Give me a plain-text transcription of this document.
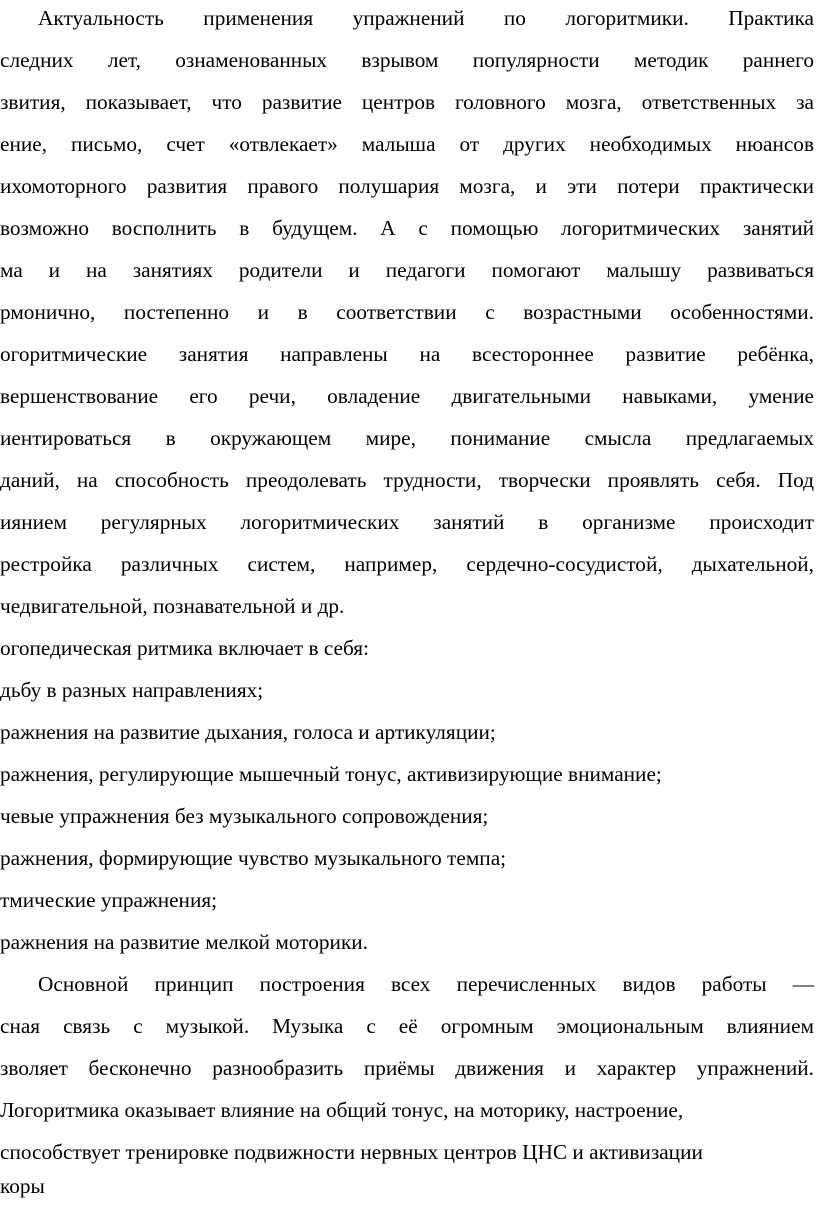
Актуальность применения упражнений по логоритмики. Практика
следних лет, ознаменованных взрывом популярности методик раннего
звития, показывает, что развитие центров головного мозга, ответственных за
ение, письмо, счет «отвлекает» малыша от других необходимых нюансов
ихомоторного развития правого полушария мозга, и эти потери практически
возможно восполнить в будущем. А с помощью логоритмических занятий
ма и на занятиях родители и педагоги помогают малышу развиваться
рмонично, постепенно и в соответствии с возрастными особенностями.
огоритмические занятия направлены на всестороннее развитие ребёнка,
вершенствование его речи, овладение двигательными навыками, умение
иентироваться в окружающем мире, понимание смысла предлагаемых
даний, на способность преодолевать трудности, творчески проявлять себя. Под
иянием регулярных логоритмических занятий в организме происходит
рестройка различных систем, например, сердечно-сосудистой, дыхательной,
чедвигательной, познавательной и др.
огопедическая ритмика включает в себя:
дьбу в разных направлениях;
ражнения на развитие дыхания, голоса и артикуляции;
ражнения, регулирующие мышечный тонус, активизирующие внимание;
чевые упражнения без музыкального сопровождения;
ражнения, формирующие чувство музыкального темпа;
тмические упражнения;
ражнения на развитие мелкой моторики.
Основной принцип построения всех перечисленных видов работы —
сная связь с музыкой. Музыка с её огромным эмоциональным влиянием
зволяет бесконечно разнообразить приёмы движения и характер упражнений.
Логоритмика оказывает влияние на общий тонус, на моторику, настроение,
способствует тренировке подвижности нервных центров ЦНС и активизации
коры
